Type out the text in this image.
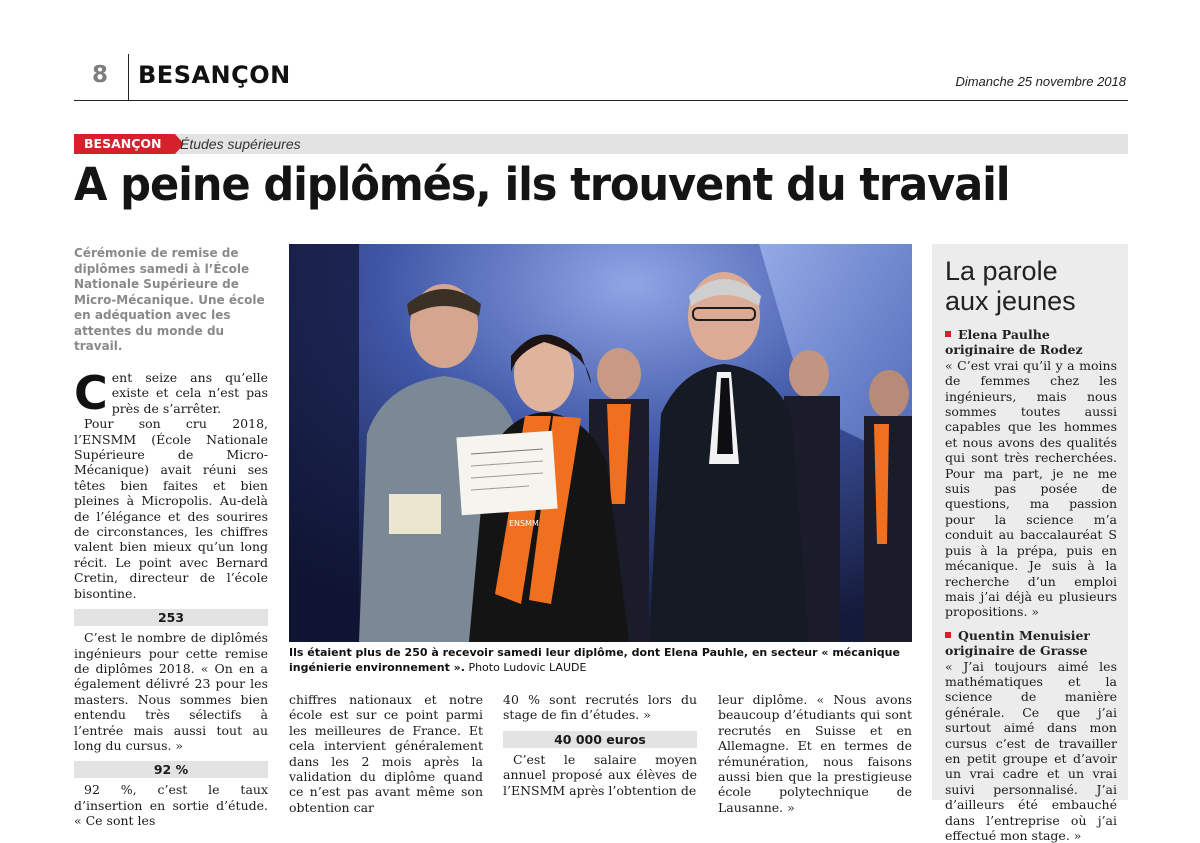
8 BESANÇON	Dimanche 25 novembre 2018
BESANÇON	Études supérieures
A peine diplômés, ils trouvent du travail
Cérémonie de remise de diplômes samedi à l’École Nationale Supérieure de Micro-Mécanique. Une école en adéquation avec les attentes du monde du travail.

Cent seize ans qu’elle existe et cela n’est pas près de s’arrêter.

Pour son cru 2018, l’ENSMM (École Nationale Supérieure de Micro-Mécanique) avait réuni ses têtes bien faites et bien pleines à Micropolis. Au-delà de l’élégance et des sourires de circonstances, les chiffres valent bien mieux qu’un long récit. Le point avec Bernard Cretin, directeur de l’école bisontine.

253

C’est le nombre de diplômés ingénieurs pour cette remise de diplômes 2018. « On en a également délivré 23 pour les masters. Nous sommes bien entendu très sélectifs à l’entrée mais aussi tout au long du cursus. »

92 %

92 %, c’est le taux d’insertion en sortie d’étude. « Ce sont les

ENSMM
Ils étaient plus de 250 à recevoir samedi leur diplôme, dont Elena Pauhle, en secteur « mécanique ingénierie environnement ». Photo Ludovic LAUDE

chiffres nationaux et notre école est sur ce point parmi les meilleures de France. Et cela intervient généralement dans les 2 mois après la validation du diplôme quand ce n’est pas avant même son obtention car

40 % sont recrutés lors du stage de fin d’études. »

40 000 euros

C’est le salaire moyen annuel proposé aux élèves de l’ENSMM après l’obtention de

leur diplôme. « Nous avons beaucoup d’étudiants qui sont recrutés en Suisse et en Allemagne. Et en termes de rémunération, nous faisons aussi bien que la prestigieuse école polytechnique de Lausanne. »

La parole
aux jeunes
Elena Paulhe
originaire de Rodez

« C’est vrai qu’il y a moins de femmes chez les ingénieurs, mais nous sommes toutes aussi capables que les hommes et nous avons des qualités qui sont très recherchées. Pour ma part, je ne me suis pas posée de questions, ma passion pour la science m’a conduit au baccalauréat S puis à la prépa, puis en mécanique. Je suis à la recherche d’un emploi mais j’ai déjà eu plusieurs propositions. »

Quentin Menuisier
originaire de Grasse

« J’ai toujours aimé les mathématiques et la science de manière générale. Ce que j’ai surtout aimé dans mon cursus c’est de travailler en petit groupe et d’avoir un vrai cadre et un vrai suivi personnalisé. J’ai d’ailleurs été embauché dans l’entreprise où j’ai effectué mon stage. »
